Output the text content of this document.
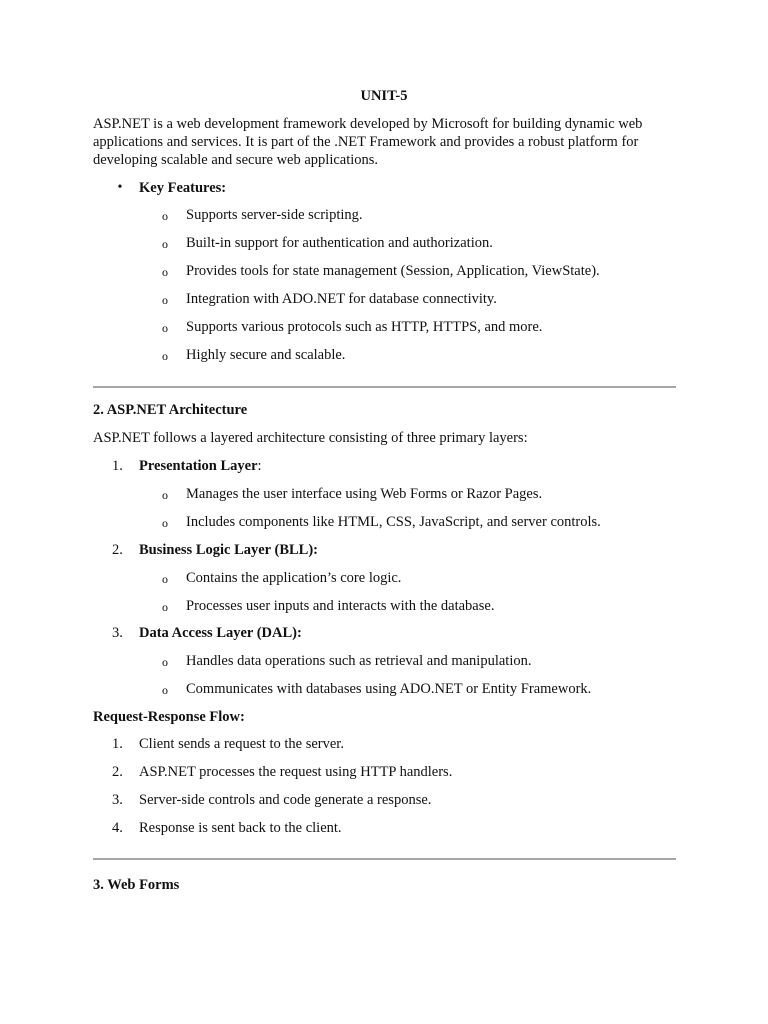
UNIT-5
ASP.NET is a web development framework developed by Microsoft for building dynamic web applications and services. It is part of the .NET Framework and provides a robust platform for developing scalable and secure web applications.
• Key Features:
o Supports server-side scripting.
o Built-in support for authentication and authorization.
o Provides tools for state management (Session, Application, ViewState).
o Integration with ADO.NET for database connectivity.
o Supports various protocols such as HTTP, HTTPS, and more.
o Highly secure and scalable.
2. ASP.NET Architecture
ASP.NET follows a layered architecture consisting of three primary layers:
1.	Presentation Layer:
o Manages the user interface using Web Forms or Razor Pages.
o Includes components like HTML, CSS, JavaScript, and server controls.
2.	Business Logic Layer (BLL):
o Contains the application’s core logic.
o Processes user inputs and interacts with the database.
3.	Data Access Layer (DAL):
o Handles data operations such as retrieval and manipulation.
o Communicates with databases using ADO.NET or Entity Framework.
Request-Response Flow:
1.	Client sends a request to the server.
2.	ASP.NET processes the request using HTTP handlers.
3.	Server-side controls and code generate a response.
4.	Response is sent back to the client.
3. Web Forms
